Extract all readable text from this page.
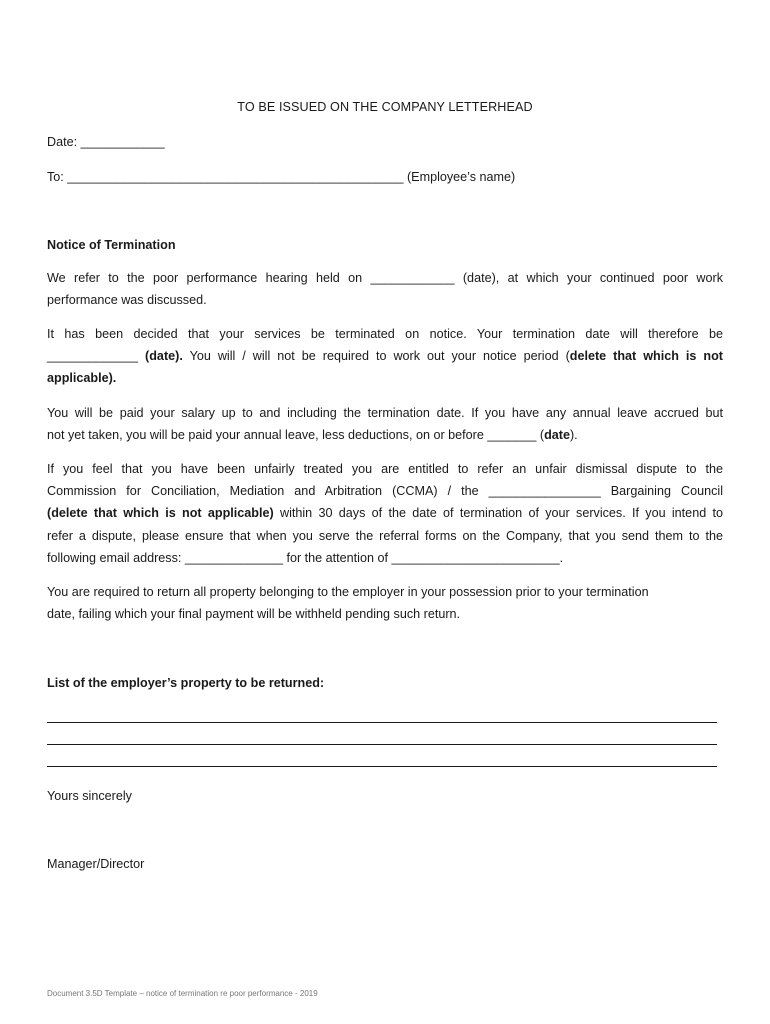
TO BE ISSUED ON THE COMPANY LETTERHEAD
Date: ____________
To: ________________________________________________ (Employee’s name)
Notice of Termination
We refer to the poor performance hearing held on ____________ (date), at which your continued poor work
performance was discussed.
It has been decided that your services be terminated on notice. Your termination date will therefore be
_____________ (date). You will / will not be required to work out your notice period (delete that which is not
applicable).
You will be paid your salary up to and including the termination date. If you have any annual leave accrued but
not yet taken, you will be paid your annual leave, less deductions, on or before _______ (date).
If you feel that you have been unfairly treated you are entitled to refer an unfair dismissal dispute to the
Commission for Conciliation, Mediation and Arbitration (CCMA) / the ________________ Bargaining Council
(delete that which is not applicable) within 30 days of the date of termination of your services. If you intend to
refer a dispute, please ensure that when you serve the referral forms on the Company, that you send them to the
following email address: ______________ for the attention of ________________________.
You are required to return all property belonging to the employer in your possession prior to your termination
date, failing which your final payment will be withheld pending such return.
List of the employer’s property to be returned:
Yours sincerely
Manager/Director
Document 3.5D Template – notice of termination re poor performance - 2019
